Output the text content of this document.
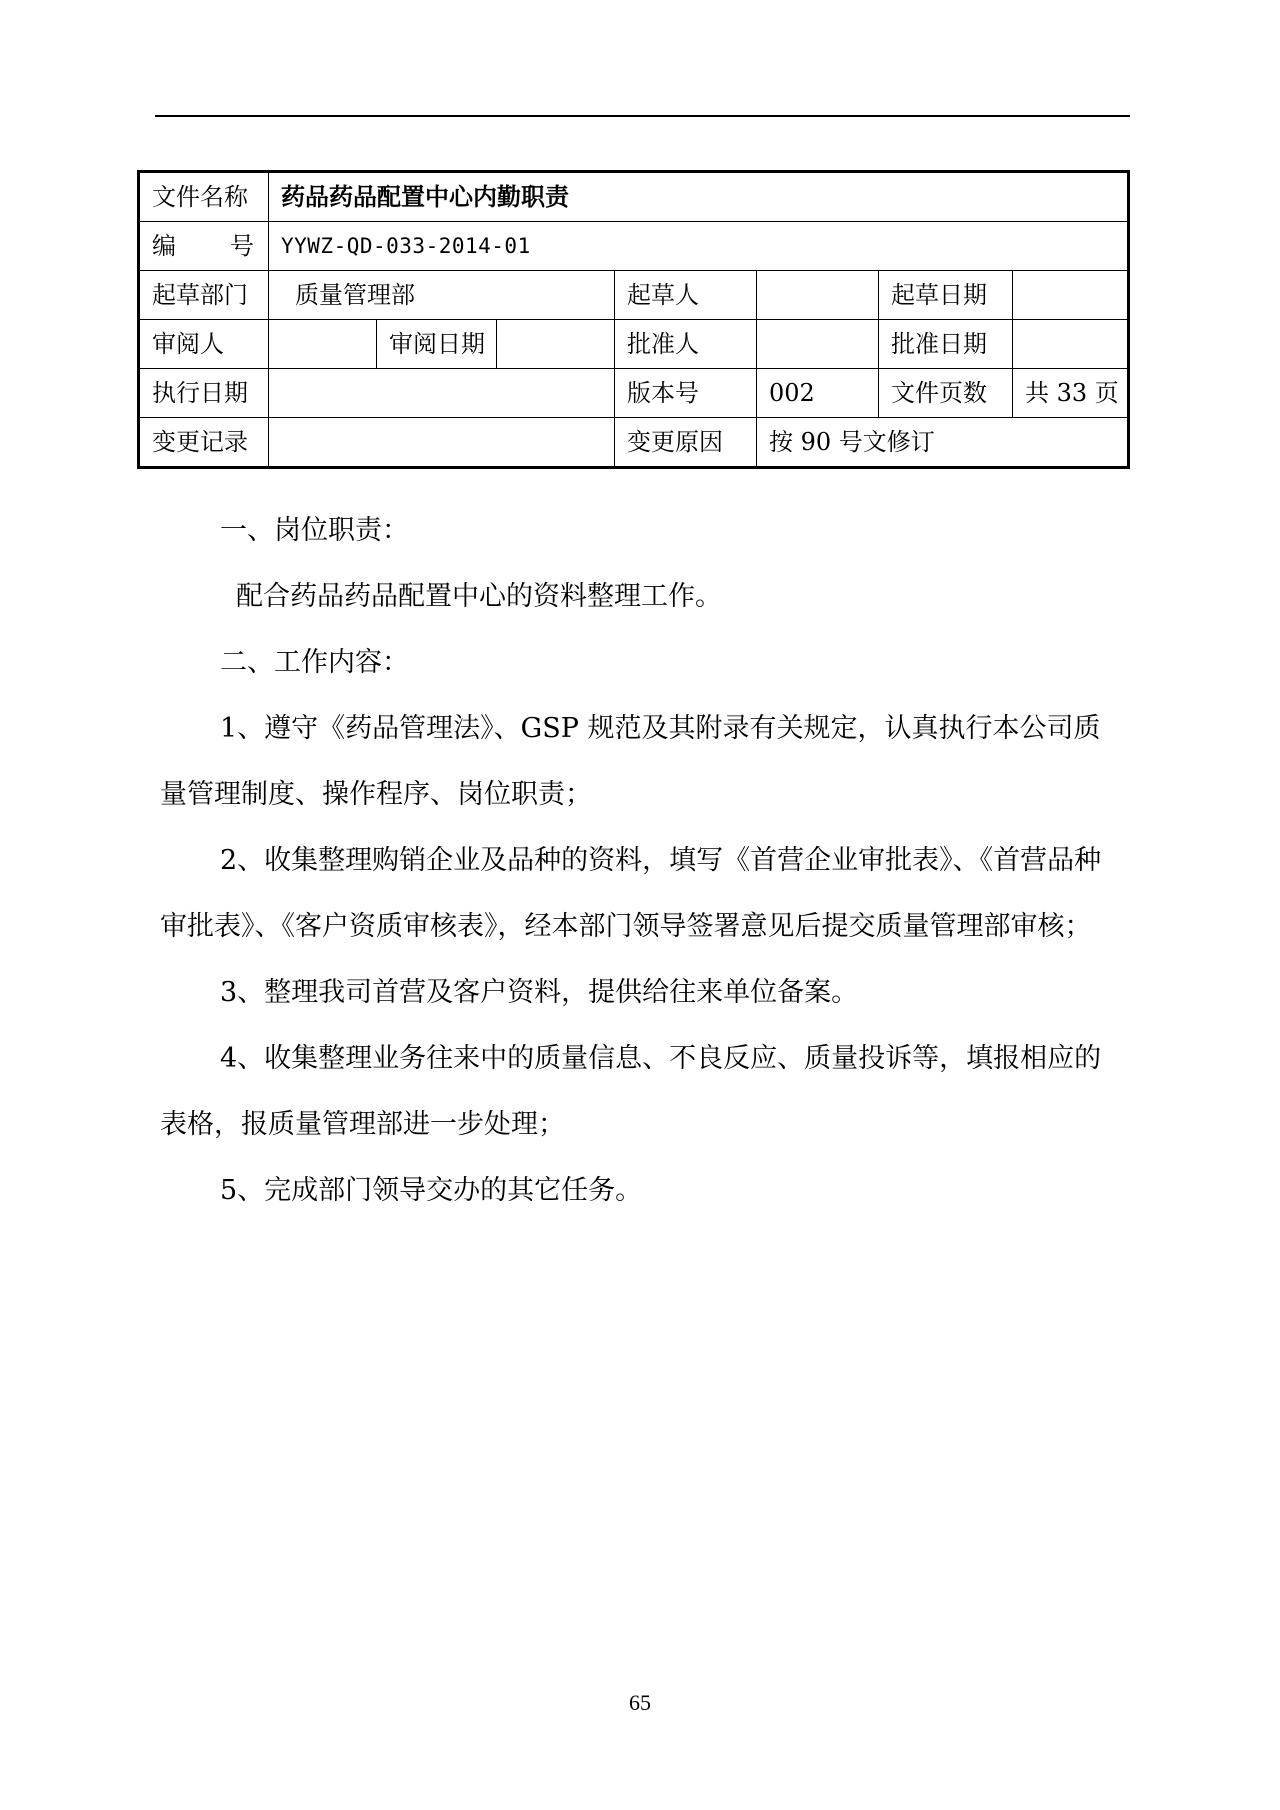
文件名称	药品药品配置中心内勤职责						

编 号	YYWZ-QD-033-2014-01						
起草部门	质量管理部			起草人		起草日期	
审阅人		审阅日期		批准人		批准日期	
执行日期				版本号	002	文件页数	共 33 页
变更记录				变更原因	按 90 号文修订		

一、岗位职责：

配合药品药品配置中心的资料整理工作。

二、工作内容：

1、遵守《药品管理法》、GSP 规范及其附录有关规定，认真执行本公司质量管理制度、操作程序、岗位职责；

2、收集整理购销企业及品种的资料，填写《首营企业审批表》、《首营品种审批表》、《客户资质审核表》，经本部门领导签署意见后提交质量管理部审核；

3、整理我司首营及客户资料，提供给往来单位备案。

4、收集整理业务往来中的质量信息、不良反应、质量投诉等，填报相应的表格，报质量管理部进一步处理；

5、完成部门领导交办的其它任务。

65
